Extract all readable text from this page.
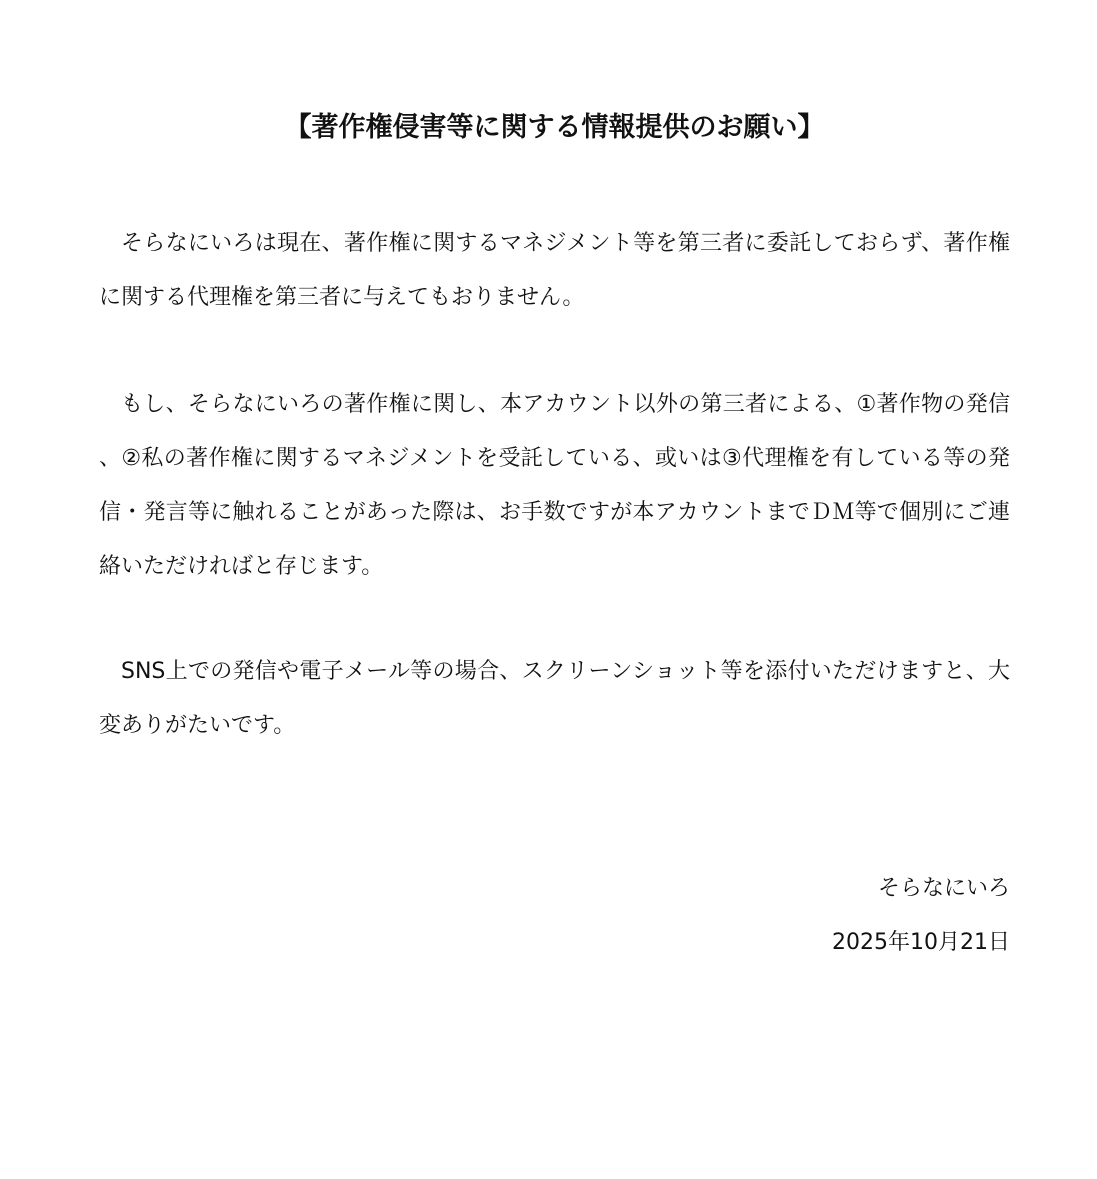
【著作権侵害等に関する情報提供のお願い】

そらなにいろは現在、著作権に関するマネジメント等を第三者に委託しておらず、著作権に関する代理権を第三者に与えてもおりません。

もし、そらなにいろの著作権に関し、本アカウント以外の第三者による、①著作物の発信、②私の著作権に関するマネジメントを受託している、或いは③代理権を有している等の発信・発言等に触れることがあった際は、お手数ですが本アカウントまでＤＭ等で個別にご連絡いただければと存じます。

SNS上での発信や電子メール等の場合、スクリーンショット等を添付いただけますと、大変ありがたいです。

そらなにいろ

2025年10月21日
